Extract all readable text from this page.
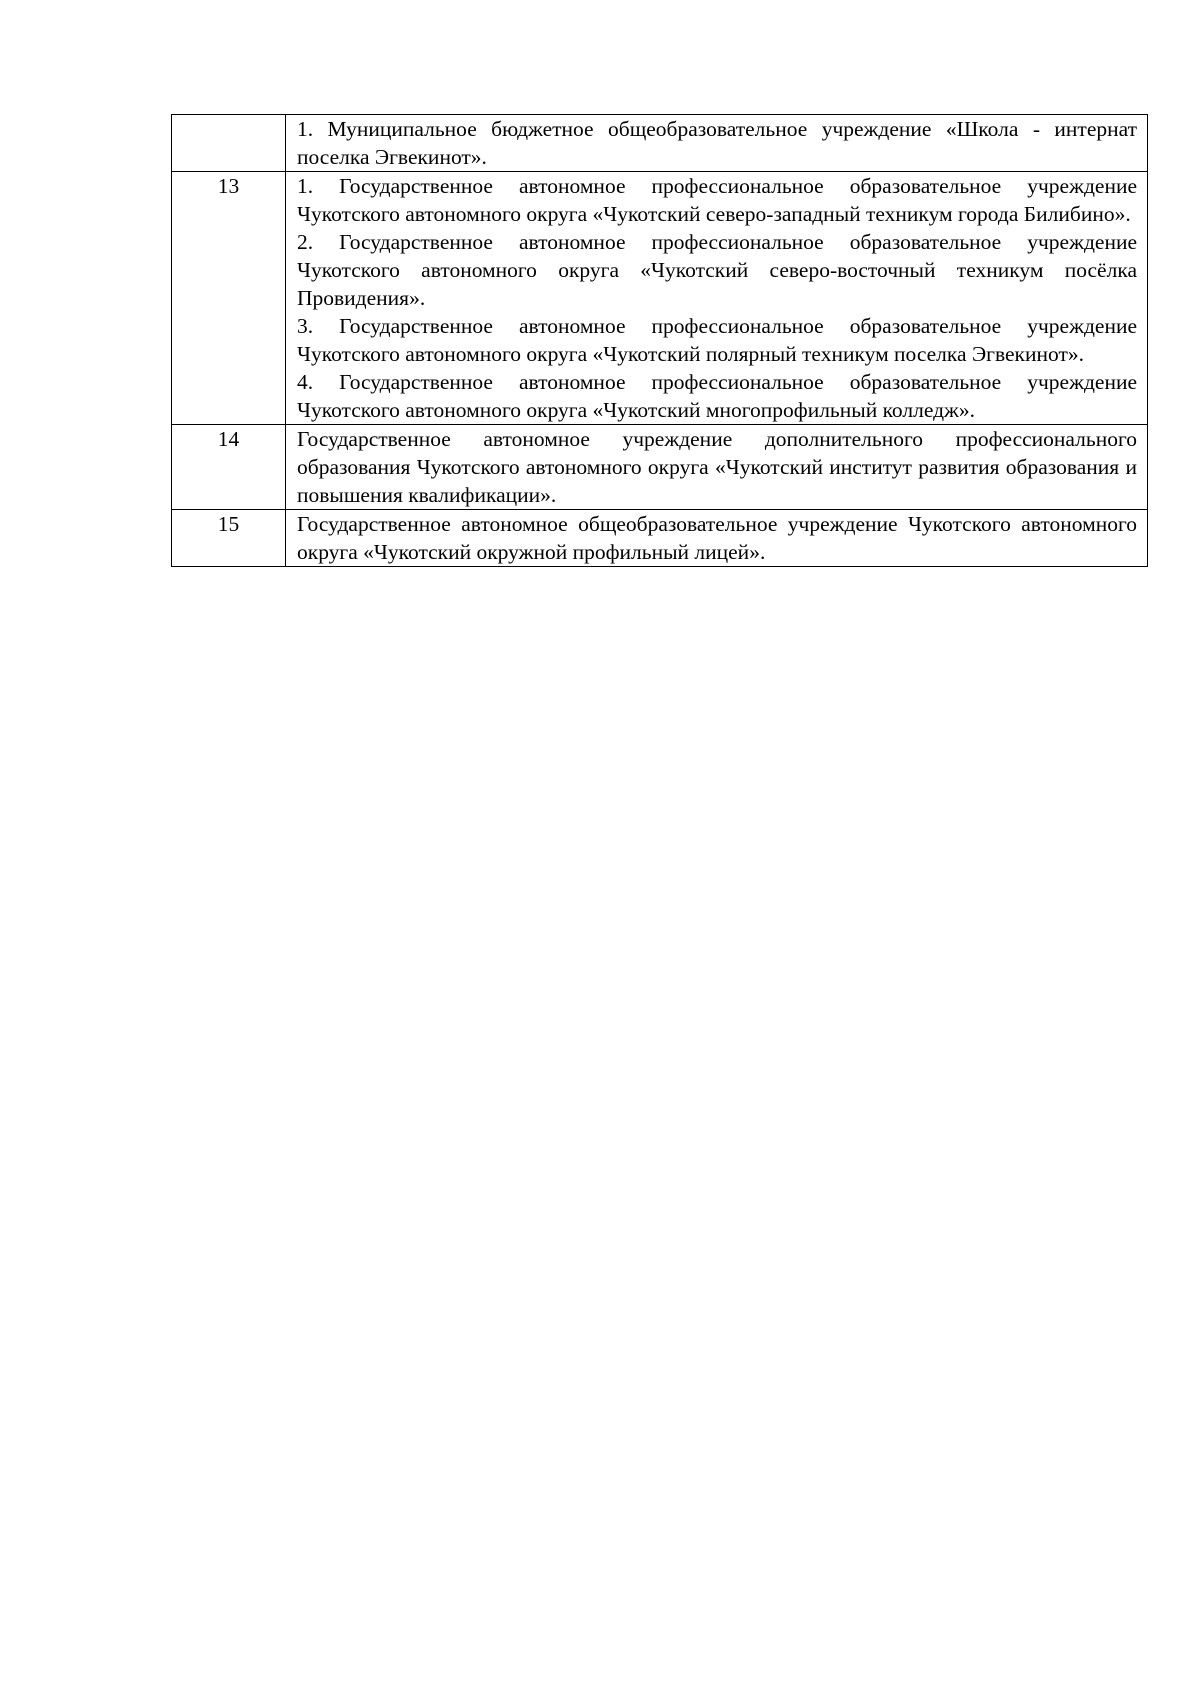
	1. Муниципальное бюджетное общеобразовательное учреждение «Школа - интернат поселка Эгвекинот».

13	1. Государственное автономное профессиональное образовательное учреждение Чукотского автономного округа «Чукотский северо-западный техникум города Билибино».

2. Государственное автономное профессиональное образовательное учреждение Чукотского автономного округа «Чукотский северо-восточный техникум посёлка Провидения».

3. Государственное автономное профессиональное образовательное учреждение Чукотского автономного округа «Чукотский полярный техникум поселка Эгвекинот».

4. Государственное автономное профессиональное образовательное учреждение Чукотского автономного округа «Чукотский многопрофильный колледж».

14	Государственное автономное учреждение дополнительного профессионального образования Чукотского автономного округа «Чукотский институт развития образования и повышения квалификации».

15	Государственное автономное общеобразовательное учреждение Чукотского автономного округа «Чукотский окружной профильный лицей».
